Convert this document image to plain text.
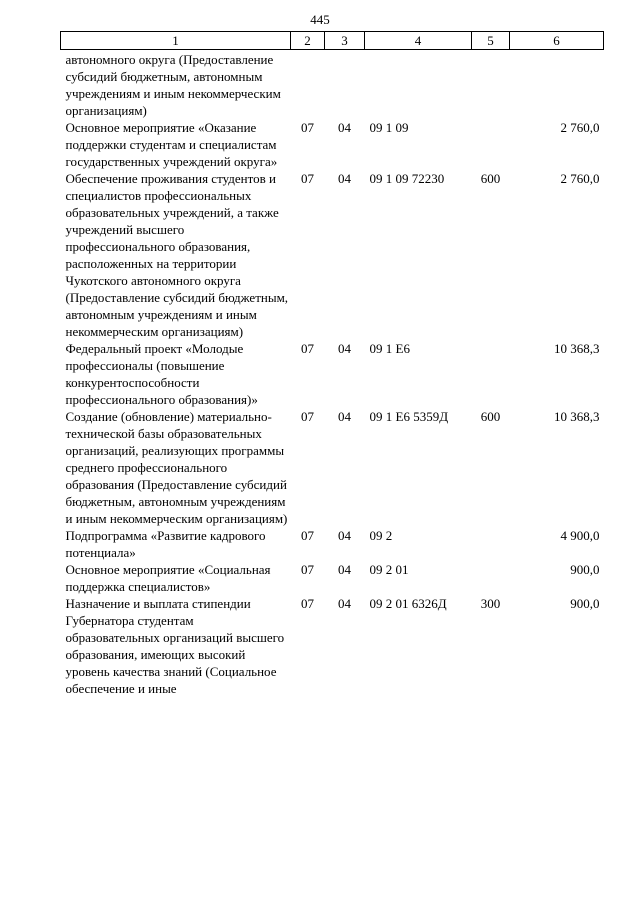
445
1	2	3	4	5	6
автономного округа (Предоставление субсидий бюджетным, автономным учреждениям и иным некоммерческим организациям)					
Основное мероприятие «Оказание поддержки студентам и специалистам государственных учреждений округа»	07	04	09 1 09		2 760,0
Обеспечение проживания студентов и специалистов профессиональных образовательных учреждений, а также учреждений высшего профессионального образования, расположенных на территории Чукотского автономного округа (Предоставление субсидий бюджетным, автономным учреждениям и иным некоммерческим организациям)	07	04	09 1 09 72230	600	2 760,0
Федеральный проект «Молодые профессионалы (повышение конкурентоспособности профессионального образования)»	07	04	09 1 E6		10 368,3
Создание (обновление) материально-технической базы образовательных организаций, реализующих программы среднего профессионального образования (Предоставление субсидий бюджетным, автономным учреждениям и иным некоммерческим организациям)	07	04	09 1 E6 5359Д	600	10 368,3
Подпрограмма «Развитие кадрового потенциала»	07	04	09 2		4 900,0
Основное мероприятие «Социальная поддержка специалистов»	07	04	09 2 01		900,0
Назначение и выплата стипендии Губернатора студентам образовательных организаций высшего образования, имеющих высокий уровень качества знаний (Социальное обеспечение и иные	07	04	09 2 01 6326Д	300	900,0
